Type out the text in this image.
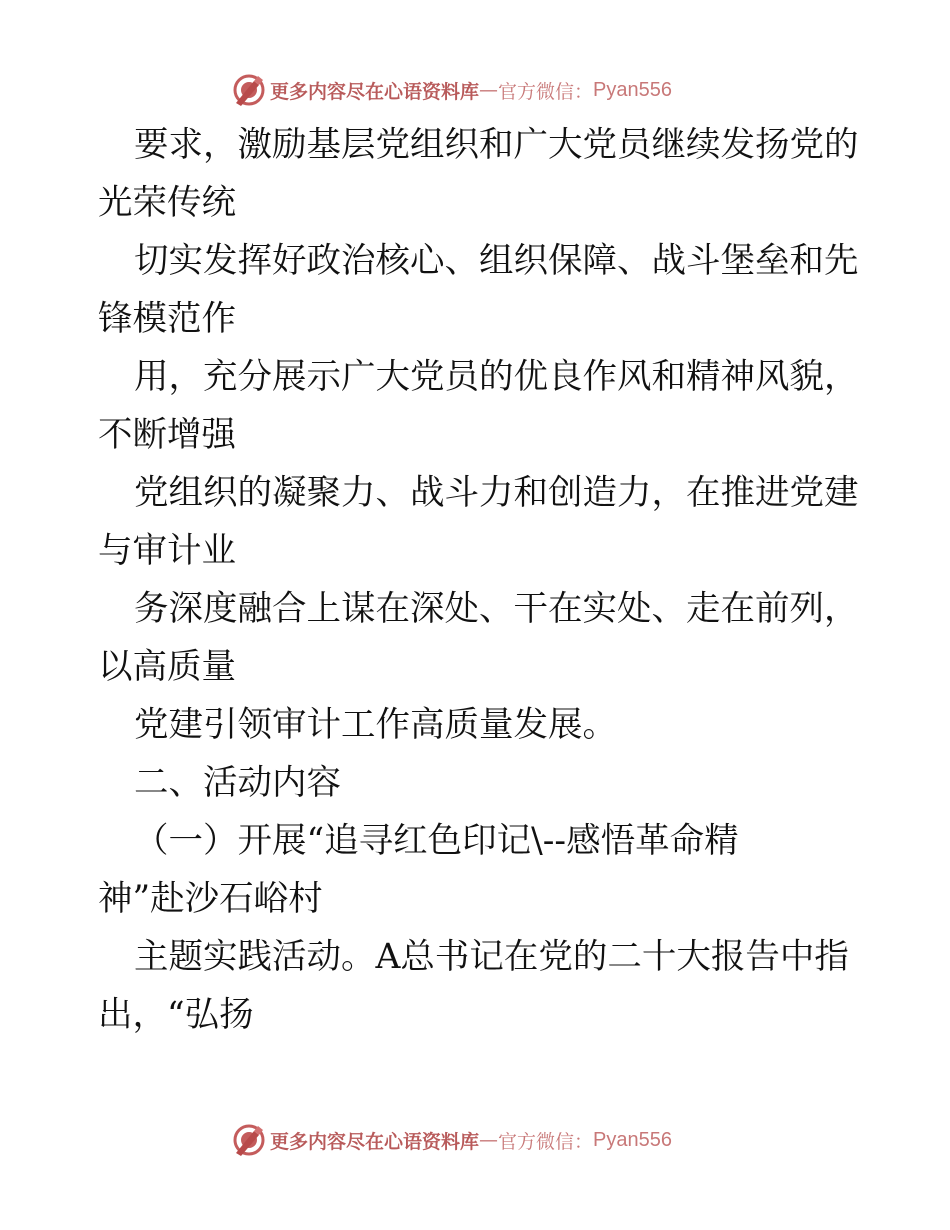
更多内容尽在心语资料库 — 官方微信： Pyan556
要求，激励基层党组织和广大党员继续发扬党的
光荣传统
切实发挥好政治核心、组织保障、战斗堡垒和先
锋模范作
用，充分展示广大党员的优良作风和精神风貌，
不断增强
党组织的凝聚力、战斗力和创造力，在推进党建
与审计业
务深度融合上谋在深处、干在实处、走在前列，
以高质量
党建引领审计工作高质量发展。
二、活动内容
（一）开展“追寻红色印记\--感悟革命精
神”赴沙石峪村
主题实践活动。A总书记在党的二十大报告中指
出，“弘扬
更多内容尽在心语资料库 — 官方微信： Pyan556
